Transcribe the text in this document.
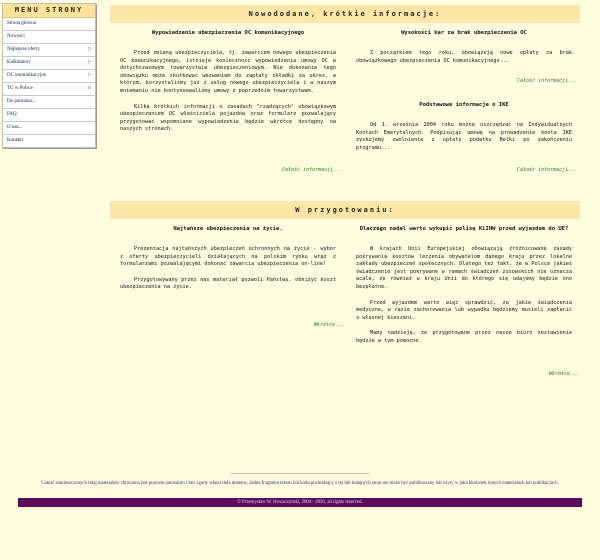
MENU STRONY
Strona główna
Nowości
Najlepsze oferty	▷
Kalkulatory	▷
OC komunikacyjne	▷
TU w Polsce	▷
Do pobrania...
FAQ
O nas...
Kontakt
Nowododane, krótkie informacje:
Wypowiedzenie ubezpieczenia OC komunikacyjnego

Przed zmianą ubezpieczyciela, tj. zawarciem nowego ubezpieczenia OC komunikacyjnego, istnieje konieczność wypowiedzenia umowy OC w dotychczasowym towarzystwie ubezpieczeniowym. Nie dokonanie tego obowiązku może skutkować wezwaniem do zapłaty składki za okres, w którym, korzystaliśmy już z usług nowego ubezpieczyciela i w naszym mniemaniu nie kontynuowaliśmy umowy z poprzednim towarzystwem.

Kilka krótkich informacji o zasadach "rządzących" obowiązkowym ubezpieczeniem OC właściciela pojazdów oraz formularz pozwalający przygotować wspomniane wypowiedzenie będzie wkrótce dostępny na naszych stronach.

Całość informacji...
Wysokości kar za brak ubezpieczenia OC

Z początkiem tego roku, obowiązują nowe opłaty za brak obowiązkowego ubezpieczenia OC komunikacyjnego...

Całość informacji...
Podstawowe informacje o IKE

Od 1. września 2004 roku można oszczędzać na Indywidualnych Kontach Emerytalnych. Podpisując umowę na prowadzenie konta IKE zyskujemy zwolnienie z opłaty podatku Belki po zakończeniu programu...

Całość informacji...
W przygotowaniu:
Najtańsze ubezpieczenia na życie.

Prezentacja najtańszych ubezpieczeń ochronnych na życie - wybór z oferty ubezpieczycieli działających na polskim rynku wraz z formularzami pozwalającymi dokonać zawarcia ubezpieczenia on-line!

Przygotowywany przez nas materiał pozwoli Państwu, obniżyć koszt ubezpieczenia na życie.

Wkrótce...
Dlaczego nadal warto wykupić polisę KLINW przed wyjazdem do UE?

W krajach Unii Europejskiej obowiązują zróżnicowane zasady pokrywania kosztów leczenia obywatelom danego kraju przez lokalne zakłady ubezpieczeń społecznych. Dlatego też fakt, że w Polsce jakieś świadczenie jest pokrywane w ramach świadczeń zusowskich nie oznacza wcale, że również w kraju Unii do którego się udajemy będzie ono bezpłatne.

Przed wyjazdem warto więc sprawdzić, za jakie świadczenia medyczne, w razie zachorowania lub wypadku będziemy musieli zapłacić z własnej kieszeni.

Mamy nadzieję, że przygotowane przez nasze biuro zestawienie będzie w tym pomocne.

Wkrótce...
Całość zamieszczonych tutaj materiałów chroniona jest prawem autorskim i bez zgody właściciela domeny, żaden fragment tekstu lub kodu pochodzący z tej lub kolejnych stron nie może być publikowany lub użyty w jakichkolwiek innych materiałach lub publikacjach.
© Przemysław W. Nowaczyński, 2004 - 2026, all rights reserved.
